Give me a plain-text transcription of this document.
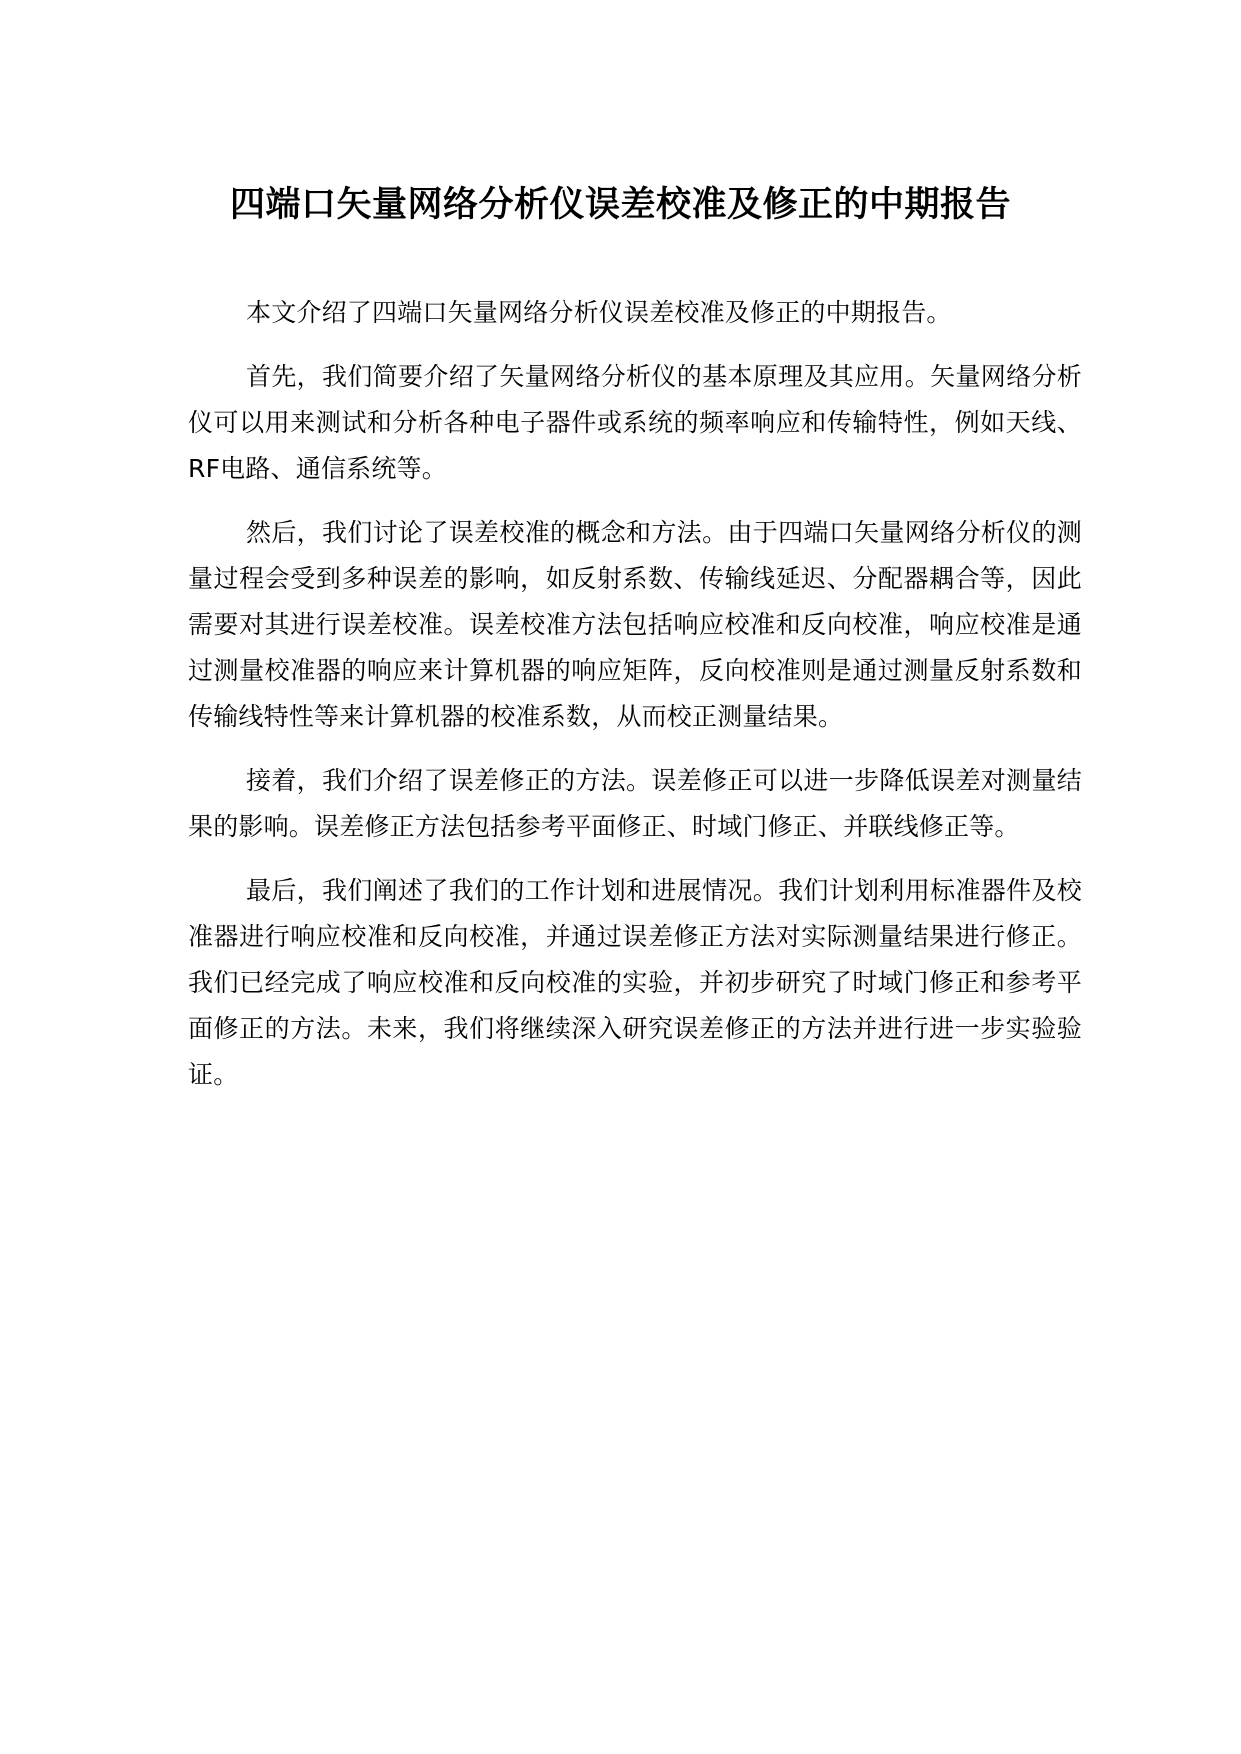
四端口矢量网络分析仪误差校准及修正的中期报告

本文介绍了四端口矢量网络分析仪误差校准及修正的中期报告。

首先，我们简要介绍了矢量网络分析仪的基本原理及其应用。矢量网络分析仪可以用来测试和分析各种电子器件或系统的频率响应和传输特性，例如天线、RF电路、通信系统等。

然后，我们讨论了误差校准的概念和方法。由于四端口矢量网络分析仪的测量过程会受到多种误差的影响，如反射系数、传输线延迟、分配器耦合等，因此需要对其进行误差校准。误差校准方法包括响应校准和反向校准，响应校准是通过测量校准器的响应来计算机器的响应矩阵，反向校准则是通过测量反射系数和传输线特性等来计算机器的校准系数，从而校正测量结果。

接着，我们介绍了误差修正的方法。误差修正可以进一步降低误差对测量结果的影响。误差修正方法包括参考平面修正、时域门修正、并联线修正等。

最后，我们阐述了我们的工作计划和进展情况。我们计划利用标准器件及校准器进行响应校准和反向校准，并通过误差修正方法对实际测量结果进行修正。我们已经完成了响应校准和反向校准的实验，并初步研究了时域门修正和参考平面修正的方法。未来，我们将继续深入研究误差修正的方法并进行进一步实验验证。
